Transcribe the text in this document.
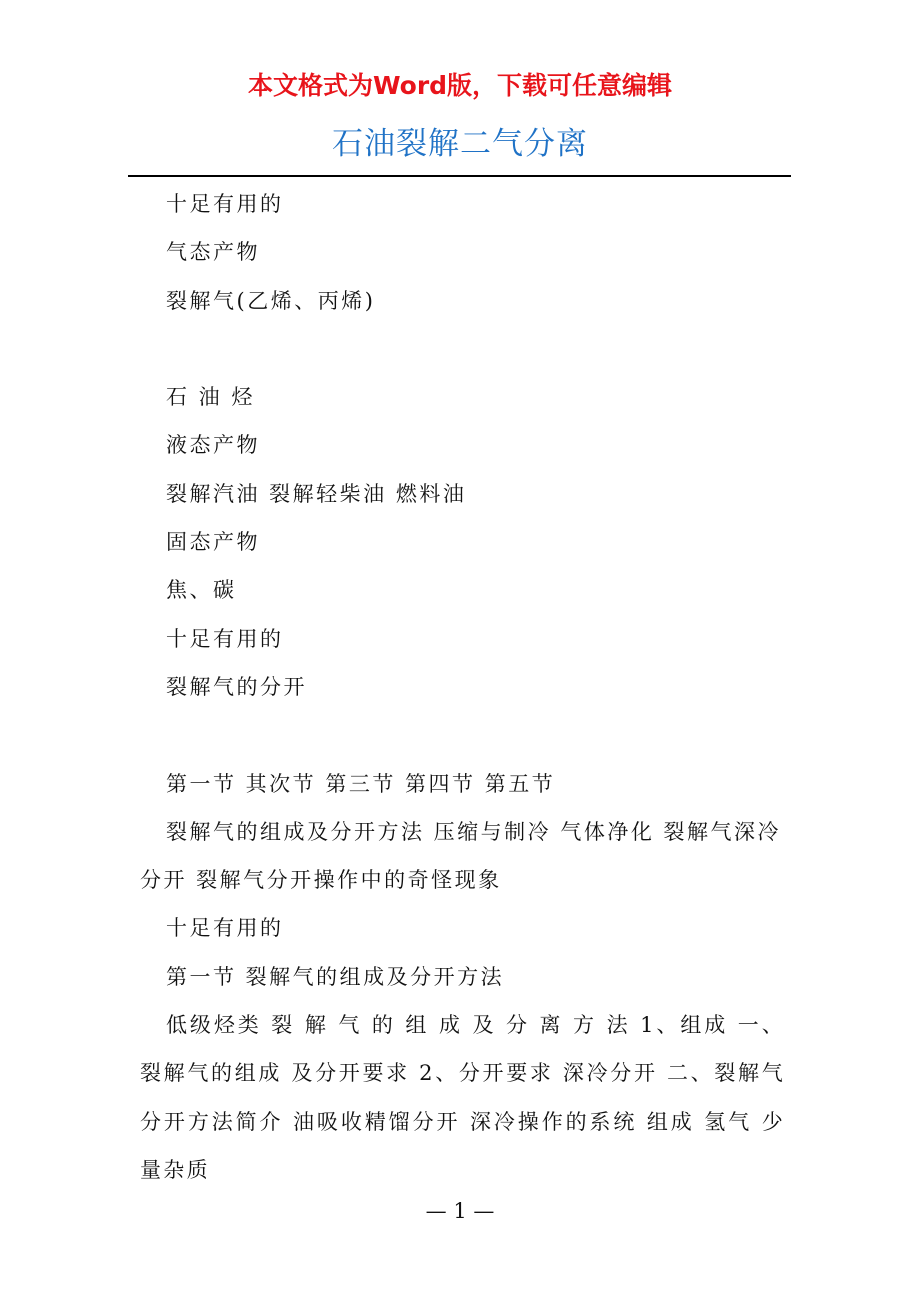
本文格式为Word版，下载可任意编辑
石油裂解二气分离

十足有用的

气态产物

裂解气(乙烯、丙烯)

石 油 烃

液态产物

裂解汽油 裂解轻柴油 燃料油

固态产物

焦、碳

十足有用的

裂解气的分开

第一节 其次节 第三节 第四节 第五节

裂解气的组成及分开方法 压缩与制冷 气体净化 裂解气深冷分开 裂解气分开操作中的奇怪现象

十足有用的

第一节 裂解气的组成及分开方法

低级烃类 裂 解 气 的 组 成 及 分 离 方 法 1、组成 一、裂解气的组成 及分开要求 2、分开要求 深冷分开 二、裂解气分开方法简介 油吸收精馏分开 深冷操作的系统 组成 氢气 少量杂质

— 1 —
